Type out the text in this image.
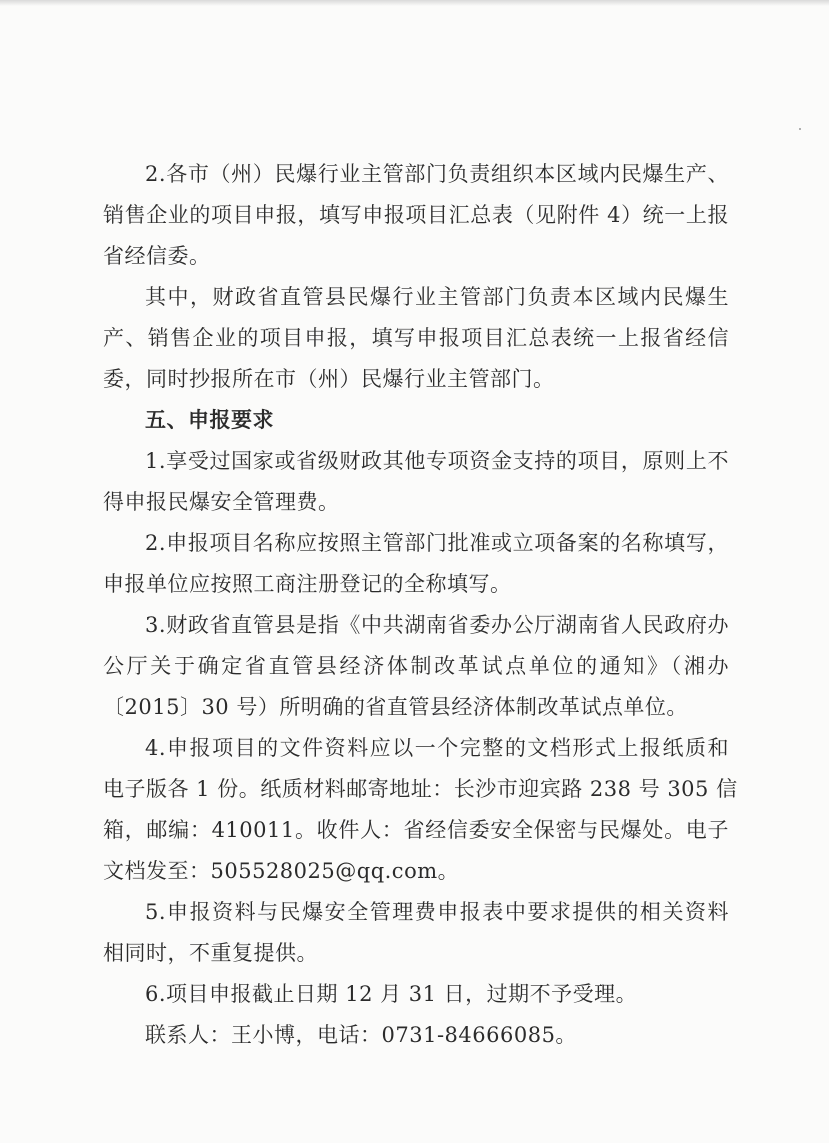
2.各市（州）民爆行业主管部门负责组织本区域内民爆生产、
销售企业的项目申报，填写申报项目汇总表（见附件 4）统一上报
省经信委。
其中，财政省直管县民爆行业主管部门负责本区域内民爆生
产、销售企业的项目申报，填写申报项目汇总表统一上报省经信
委，同时抄报所在市（州）民爆行业主管部门。
五、申报要求
1.享受过国家或省级财政其他专项资金支持的项目，原则上不
得申报民爆安全管理费。
2.申报项目名称应按照主管部门批准或立项备案的名称填写，
申报单位应按照工商注册登记的全称填写。
3.财政省直管县是指《中共湖南省委办公厅湖南省人民政府办
公厅关于确定省直管县经济体制改革试点单位的通知》（湘办
〔2015〕30 号）所明确的省直管县经济体制改革试点单位。
4.申报项目的文件资料应以一个完整的文档形式上报纸质和
电子版各 1 份。纸质材料邮寄地址：长沙市迎宾路 238 号 305 信
箱，邮编：410011。收件人：省经信委安全保密与民爆处。电子
文档发至：505528025@qq.com。
5.申报资料与民爆安全管理费申报表中要求提供的相关资料
相同时，不重复提供。
6.项目申报截止日期 12 月 31 日，过期不予受理。
联系人：王小博，电话：0731-84666085。
